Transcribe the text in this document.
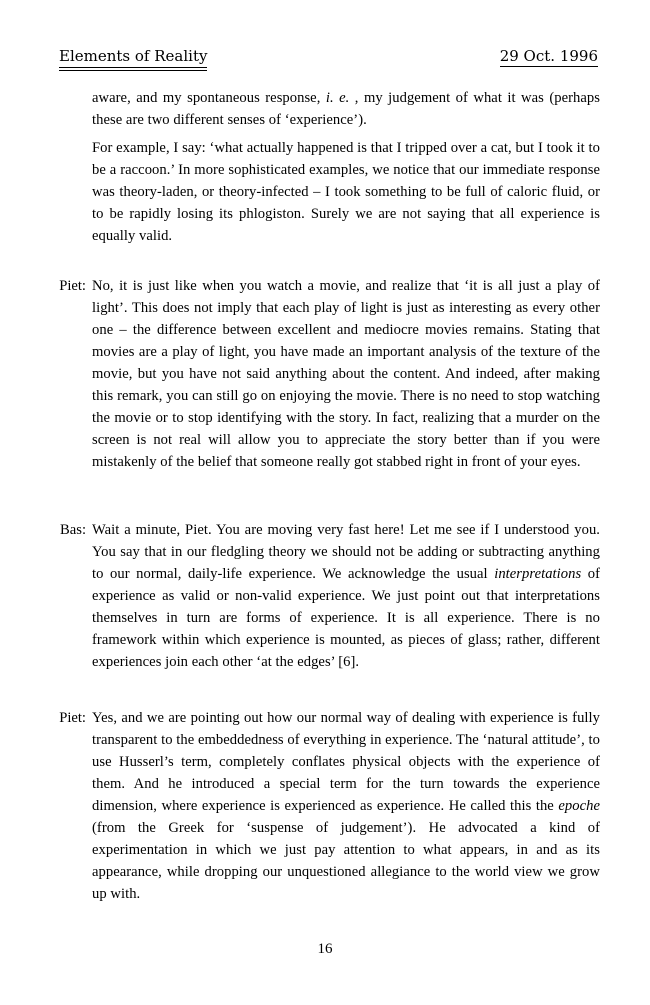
Elements of Reality	29 Oct. 1996
aware, and my spontaneous response, i. e. , my judgement of what it was (perhaps these are two different senses of ‘experience’).
For example, I say: ‘what actually happened is that I tripped over a cat, but I took it to be a raccoon.’ In more sophisticated examples, we notice that our immediate response was theory-laden, or theory-infected – I took something to be full of caloric fluid, or to be rapidly losing its phlogiston. Surely we are not saying that all experience is equally valid.
Piet: No, it is just like when you watch a movie, and realize that ‘it is all just a play of light’. This does not imply that each play of light is just as interesting as every other one – the difference between excellent and mediocre movies remains. Stating that movies are a play of light, you have made an important analysis of the texture of the movie, but you have not said anything about the content. And indeed, after making this remark, you can still go on enjoying the movie. There is no need to stop watching the movie or to stop identifying with the story. In fact, realizing that a murder on the screen is not real will allow you to appreciate the story better than if you were mistakenly of the belief that someone really got stabbed right in front of your eyes.
Bas: Wait a minute, Piet. You are moving very fast here! Let me see if I understood you. You say that in our fledgling theory we should not be adding or subtracting anything to our normal, daily-life experience. We acknowledge the usual interpretations of experience as valid or non-valid experience. We just point out that interpretations themselves in turn are forms of experience. It is all experience. There is no framework within which experience is mounted, as pieces of glass; rather, different experiences join each other ‘at the edges’ [6].
Piet: Yes, and we are pointing out how our normal way of dealing with experience is fully transparent to the embeddedness of everything in experience. The ‘natural attitude’, to use Husserl’s term, completely conflates physical objects with the experience of them. And he introduced a special term for the turn towards the experience dimension, where experience is experienced as experience. He called this the epoche (from the Greek for ‘suspense of judgement’). He advocated a kind of experimentation in which we just pay attention to what appears, in and as its appearance, while dropping our unquestioned allegiance to the world view we grow up with.
16
